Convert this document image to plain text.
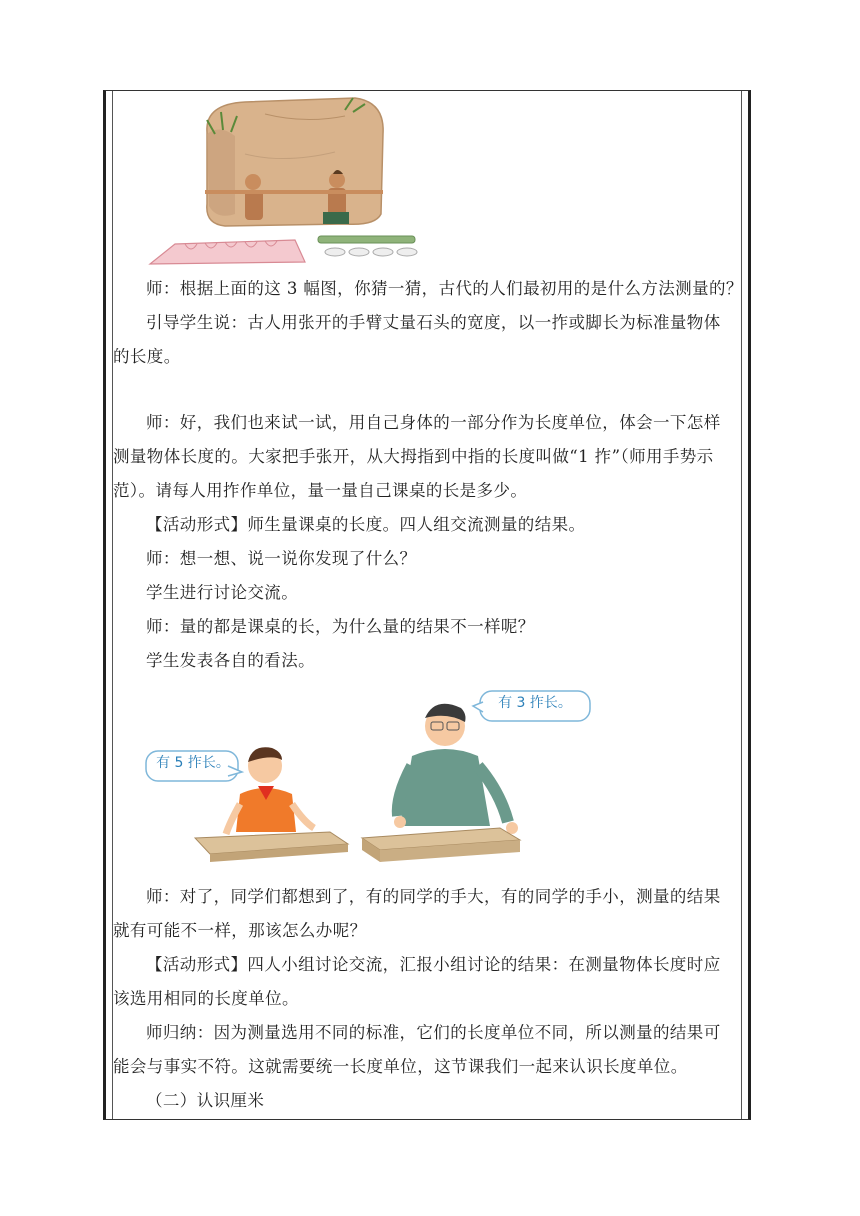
师：根据上面的这 3 幅图，你猜一猜，古代的人们最初用的是什么方法测量的？
引导学生说：古人用张开的手臂丈量石头的宽度，以一拃或脚长为标准量物体
的长度。
师：好，我们也来试一试，用自己身体的一部分作为长度单位，体会一下怎样
测量物体长度的。大家把手张开，从大拇指到中指的长度叫做“1 拃”（师用手势示
范）。请每人用拃作单位，量一量自己课桌的长是多少。
【活动形式】师生量课桌的长度。四人组交流测量的结果。
师：想一想、说一说你发现了什么？
学生进行讨论交流。
师：量的都是课桌的长，为什么量的结果不一样呢？
学生发表各自的看法。
有 5 拃长。
有 3 拃长。
师：对了，同学们都想到了，有的同学的手大，有的同学的手小，测量的结果
就有可能不一样，那该怎么办呢？
【活动形式】四人小组讨论交流，汇报小组讨论的结果：在测量物体长度时应
该选用相同的长度单位。
师归纳：因为测量选用不同的标准，它们的长度单位不同，所以测量的结果可
能会与事实不符。这就需要统一长度单位，这节课我们一起来认识长度单位。
（二）认识厘米
